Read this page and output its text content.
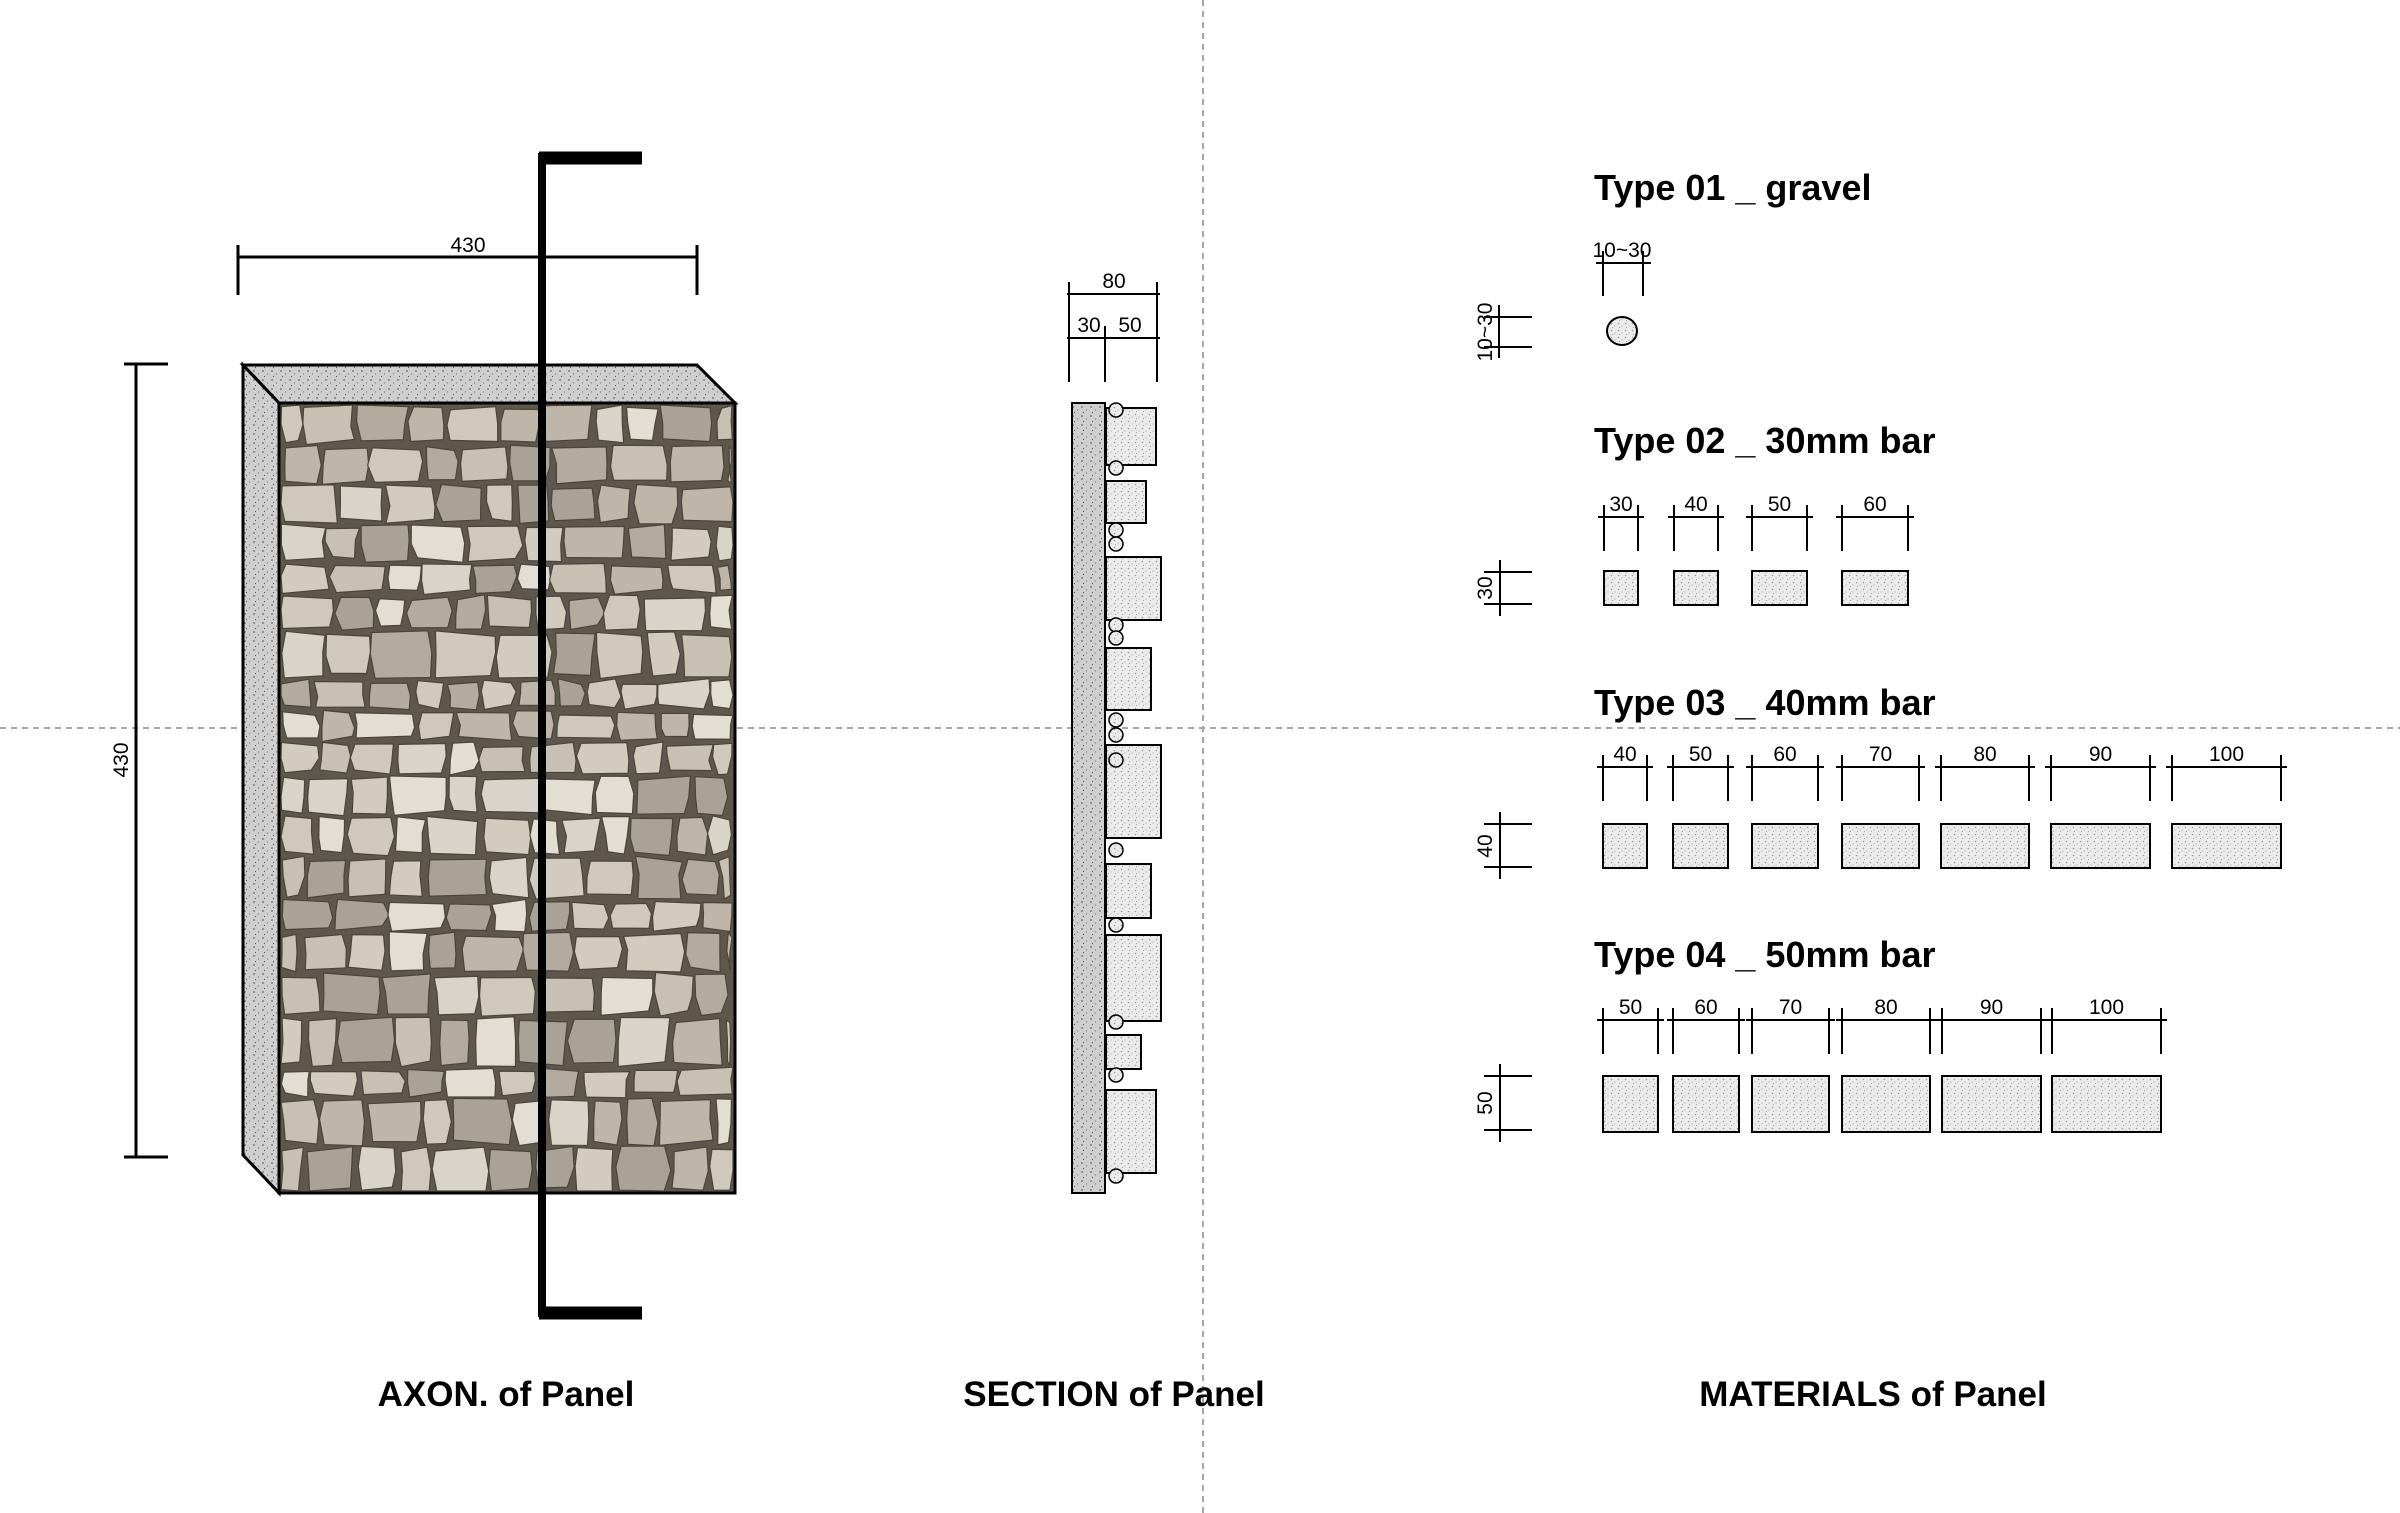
430
430
80
30 50
Type 01 _ gravel
10~30
10~30
Type 02 _ 30mm bar
30
30 40	50	60
Type 03 _ 40mm bar
40
40 50	60	70	80	90	100
Type 04 _ 50mm bar
50
50 60	70	80	90	100
AXON. of Panel	SECTION of Panel	MATERIALS of Panel
